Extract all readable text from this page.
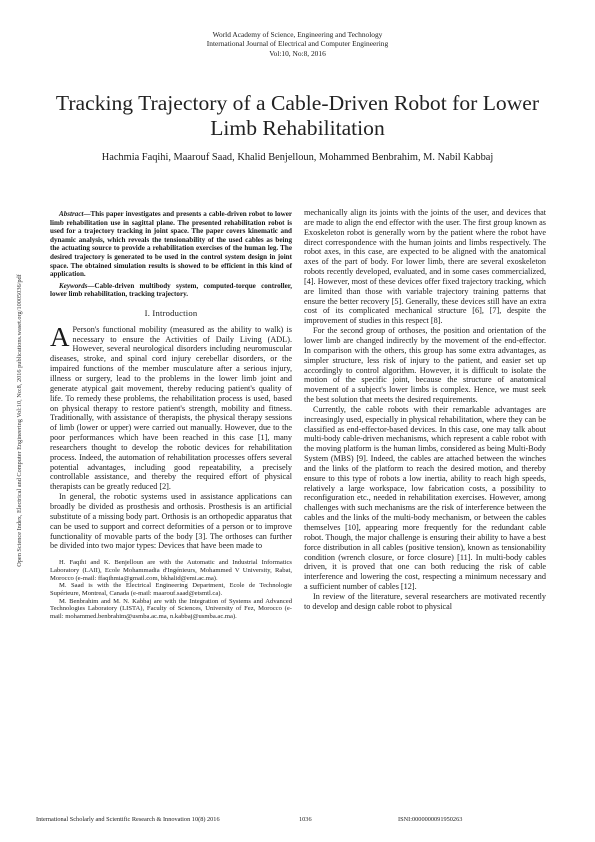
World Academy of Science, Engineering and Technology
International Journal of Electrical and Computer Engineering
Vol:10, No:8, 2016
Tracking Trajectory of a Cable-Driven Robot for Lower Limb Rehabilitation
Hachmia Faqihi, Maarouf Saad, Khalid Benjelloun, Mohammed Benbrahim, M. Nabil Kabbaj
Open Science Index, Electrical and Computer Engineering Vol:10, No:8, 2016 publications.waset.org/10005036/pdf

Abstract—This paper investigates and presents a cable-driven robot to lower limb rehabilitation use in sagittal plane. The presented rehabilitation robot is used for a trajectory tracking in joint space. The paper covers kinematic and dynamic analysis, which reveals the tensionability of the used cables as being the actuating source to provide a rehabilitation exercises of the human leg. The desired trajectory is generated to be used in the control system design in joint space. The obtained simulation results is showed to be efficient in this kind of application.

Keywords—Cable-driven multibody system, computed-torque controller, lower limb rehabilitation, tracking trajectory.

I. Introduction

A Person's functional mobility (measured as the ability to walk) is necessary to ensure the Activities of Daily Living (ADL). However, several neurological disorders including neuromuscular diseases, stroke, and spinal cord injury cerebellar disorders, or the impaired functions of the member musculature after a serious injury, illness or surgery, lead to the problems in the lower limb joint and generate atypical gait movement, thereby reducing patient's quality of life. To remedy these problems, the rehabilitation process is used, based on physical therapy to restore patient's strength, mobility and fitness. Traditionally, with assistance of therapists, the physical therapy sessions of limb (lower or upper) were carried out manually. However, due to the poor performances which have been reached in this case [1], many researchers thought to develop the robotic devices for rehabilitation process. Indeed, the automation of rehabilitation processes offers several potential advantages, including good repeatability, a precisely controllable assistance, and thereby the required effort of physical therapists can be greatly reduced [2].

In general, the robotic systems used in assistance applications can broadly be divided as prosthesis and orthosis. Prosthesis is an artificial substitute of a missing body part. Orthosis is an orthopedic apparatus that can be used to support and correct deformities of a person or to improve functionality of movable parts of the body [3]. The orthoses can further be divided into two major types: Devices that have been made to

H. Faqihi and K. Benjelloun are with the Automatic and Industrial Informatics Laboratory (LAII), Ecole Mohammadia d'Ingénieurs, Mohammed V University, Rabat, Morocco (e-mail: ffaqihmia@gmail.com, bkhalid@emi.ac.ma).

M. Saad is with the Electrical Engineering Department, Ecole de Technologie Supérieure, Montreal, Canada (e-mail: maarouf.saad@etsmtl.ca).

M. Benbrahim and M. N. Kabbaj are with the Integration of Systems and Advanced Technologies Laboratory (LISTA), Faculty of Sciences, University of Fez, Morocco (e-mail: mohammed.benbrahim@usmba.ac.ma, n.kabbaj@usmba.ac.ma).

mechanically align its joints with the joints of the user, and devices that are made to align the end effector with the user. The first group known as Exoskeleton robot is generally worn by the patient where the robot have direct correspondence with the human joints and limbs respectively. The robot axes, in this case, are expected to be aligned with the anatomical axes of the part of body. For lower limb, there are several exoskeleton robots recently developed, evaluated, and in some cases commercialized, [4]. However, most of these devices offer fixed trajectory tracking, which are limited than those with variable trajectory training patterns that ensure the better recovery [5]. Generally, these devices still have an extra cost of its complicated mechanical structure [6], [7], despite the improvement of studies in this respect [8].

For the second group of orthoses, the position and orientation of the lower limb are changed indirectly by the movement of the end-effector. In comparison with the others, this group has some extra advantages, as simpler structure, less risk of injury to the patient, and easier set up accordingly to control algorithm. However, it is difficult to isolate the motion of the specific joint, because the structure of anatomical movement of a subject's lower limbs is complex. Hence, we must seek the best solution that meets the desired requirements.

Currently, the cable robots with their remarkable advantages are increasingly used, especially in physical rehabilitation, where they can be classified as end-effector-based devices. In this case, one may talk about multi-body cable-driven mechanisms, which represent a cable robot with the moving platform is the human limbs, considered as being Multi-Body System (MBS) [9]. Indeed, the cables are attached between the winches and the links of the platform to reach the desired motion, and thereby ensure to this type of robots a low inertia, ability to reach high speeds, relatively a large workspace, low fabrication costs, a possibility to reconfiguration etc., needed in rehabilitation exercises. However, among challenges with such mechanisms are the risk of interference between the cables and the links of the multi-body mechanism, or between the cables themselves [10], appearing more frequently for the redundant cable robot. Though, the major challenge is ensuring their ability to have a best force distribution in all cables (positive tension), known as tensionability condition (wrench closure, or force closure) [11]. In multi-body cables driven, it is proved that one can both reducing the risk of cable interference and lowering the cost, respecting a minimum necessary and a sufficient number of cables [12].

In review of the literature, several researchers are motivated recently to develop and design cable robot to physical

International Scholarly and Scientific Research & Innovation 10(8) 2016	1036	ISNI:0000000091950263
